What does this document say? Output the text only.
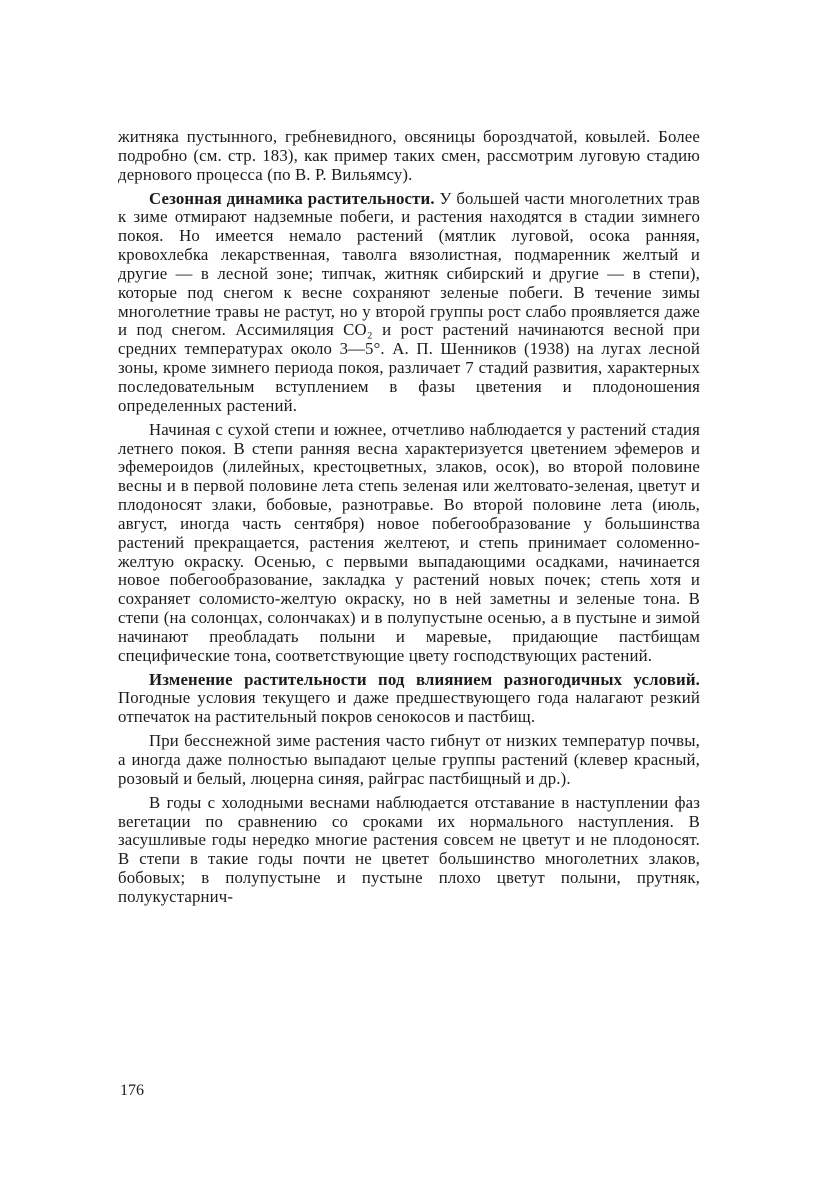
житняка пустынного, гребневидного, овсяницы бороздчатой, ковылей. Более подробно (см. стр. 183), как пример таких смен, рассмотрим луговую стадию дернового процесса (по В. Р. Вильямсу).

Сезонная динамика растительности. У большей части многолетних трав к зиме отмирают надземные побеги, и растения находятся в стадии зимнего покоя. Но имеется немало растений (мятлик луговой, осока ранняя, кровохлебка лекарственная, таволга вязолистная, подмаренник желтый и другие — в лесной зоне; типчак, житняк сибирский и другие — в степи), которые под снегом к весне сохраняют зеленые побеги. В течение зимы многолетние травы не растут, но у второй группы рост слабо проявляется даже и под снегом. Ассимиляция CO₂ и рост растений начинаются весной при средних температурах около 3—5°. А. П. Шенников (1938) на лугах лесной зоны, кроме зимнего периода покоя, различает 7 стадий развития, характерных последовательным вступлением в фазы цветения и плодоношения определенных растений.

Начиная с сухой степи и южнее, отчетливо наблюдается у растений стадия летнего покоя. В степи ранняя весна характеризуется цветением эфемеров и эфемероидов (лилейных, крестоцветных, злаков, осок), во второй половине весны и в первой половине лета степь зеленая или желтовато-зеленая, цветут и плодоносят злаки, бобовые, разнотравье. Во второй половине лета (июль, август, иногда часть сентября) новое побегообразование у большинства растений прекращается, растения желтеют, и степь принимает соломенно-желтую окраску. Осенью, с первыми выпадающими осадками, начинается новое побегообразование, закладка у растений новых почек; степь хотя и сохраняет соломисто-желтую окраску, но в ней заметны и зеленые тона. В степи (на солонцах, солончаках) и в полупустыне осенью, а в пустыне и зимой начинают преобладать полыни и маревые, придающие пастбищам специфические тона, соответствующие цвету господствующих растений.

Изменение растительности под влиянием разногодичных условий. Погодные условия текущего и даже предшествующего года налагают резкий отпечаток на растительный покров сенокосов и пастбищ.

При бесснежной зиме растения часто гибнут от низких температур почвы, а иногда даже полностью выпадают целые группы растений (клевер красный, розовый и белый, люцерна синяя, райграс пастбищный и др.).

В годы с холодными веснами наблюдается отставание в наступлении фаз вегетации по сравнению со сроками их нормального наступления. В засушливые годы нередко многие растения совсем не цветут и не плодоносят. В степи в такие годы почти не цветет большинство многолетних злаков, бобовых; в полупустыне и пустыне плохо цветут полыни, прутняк, полукустарнич-

176
